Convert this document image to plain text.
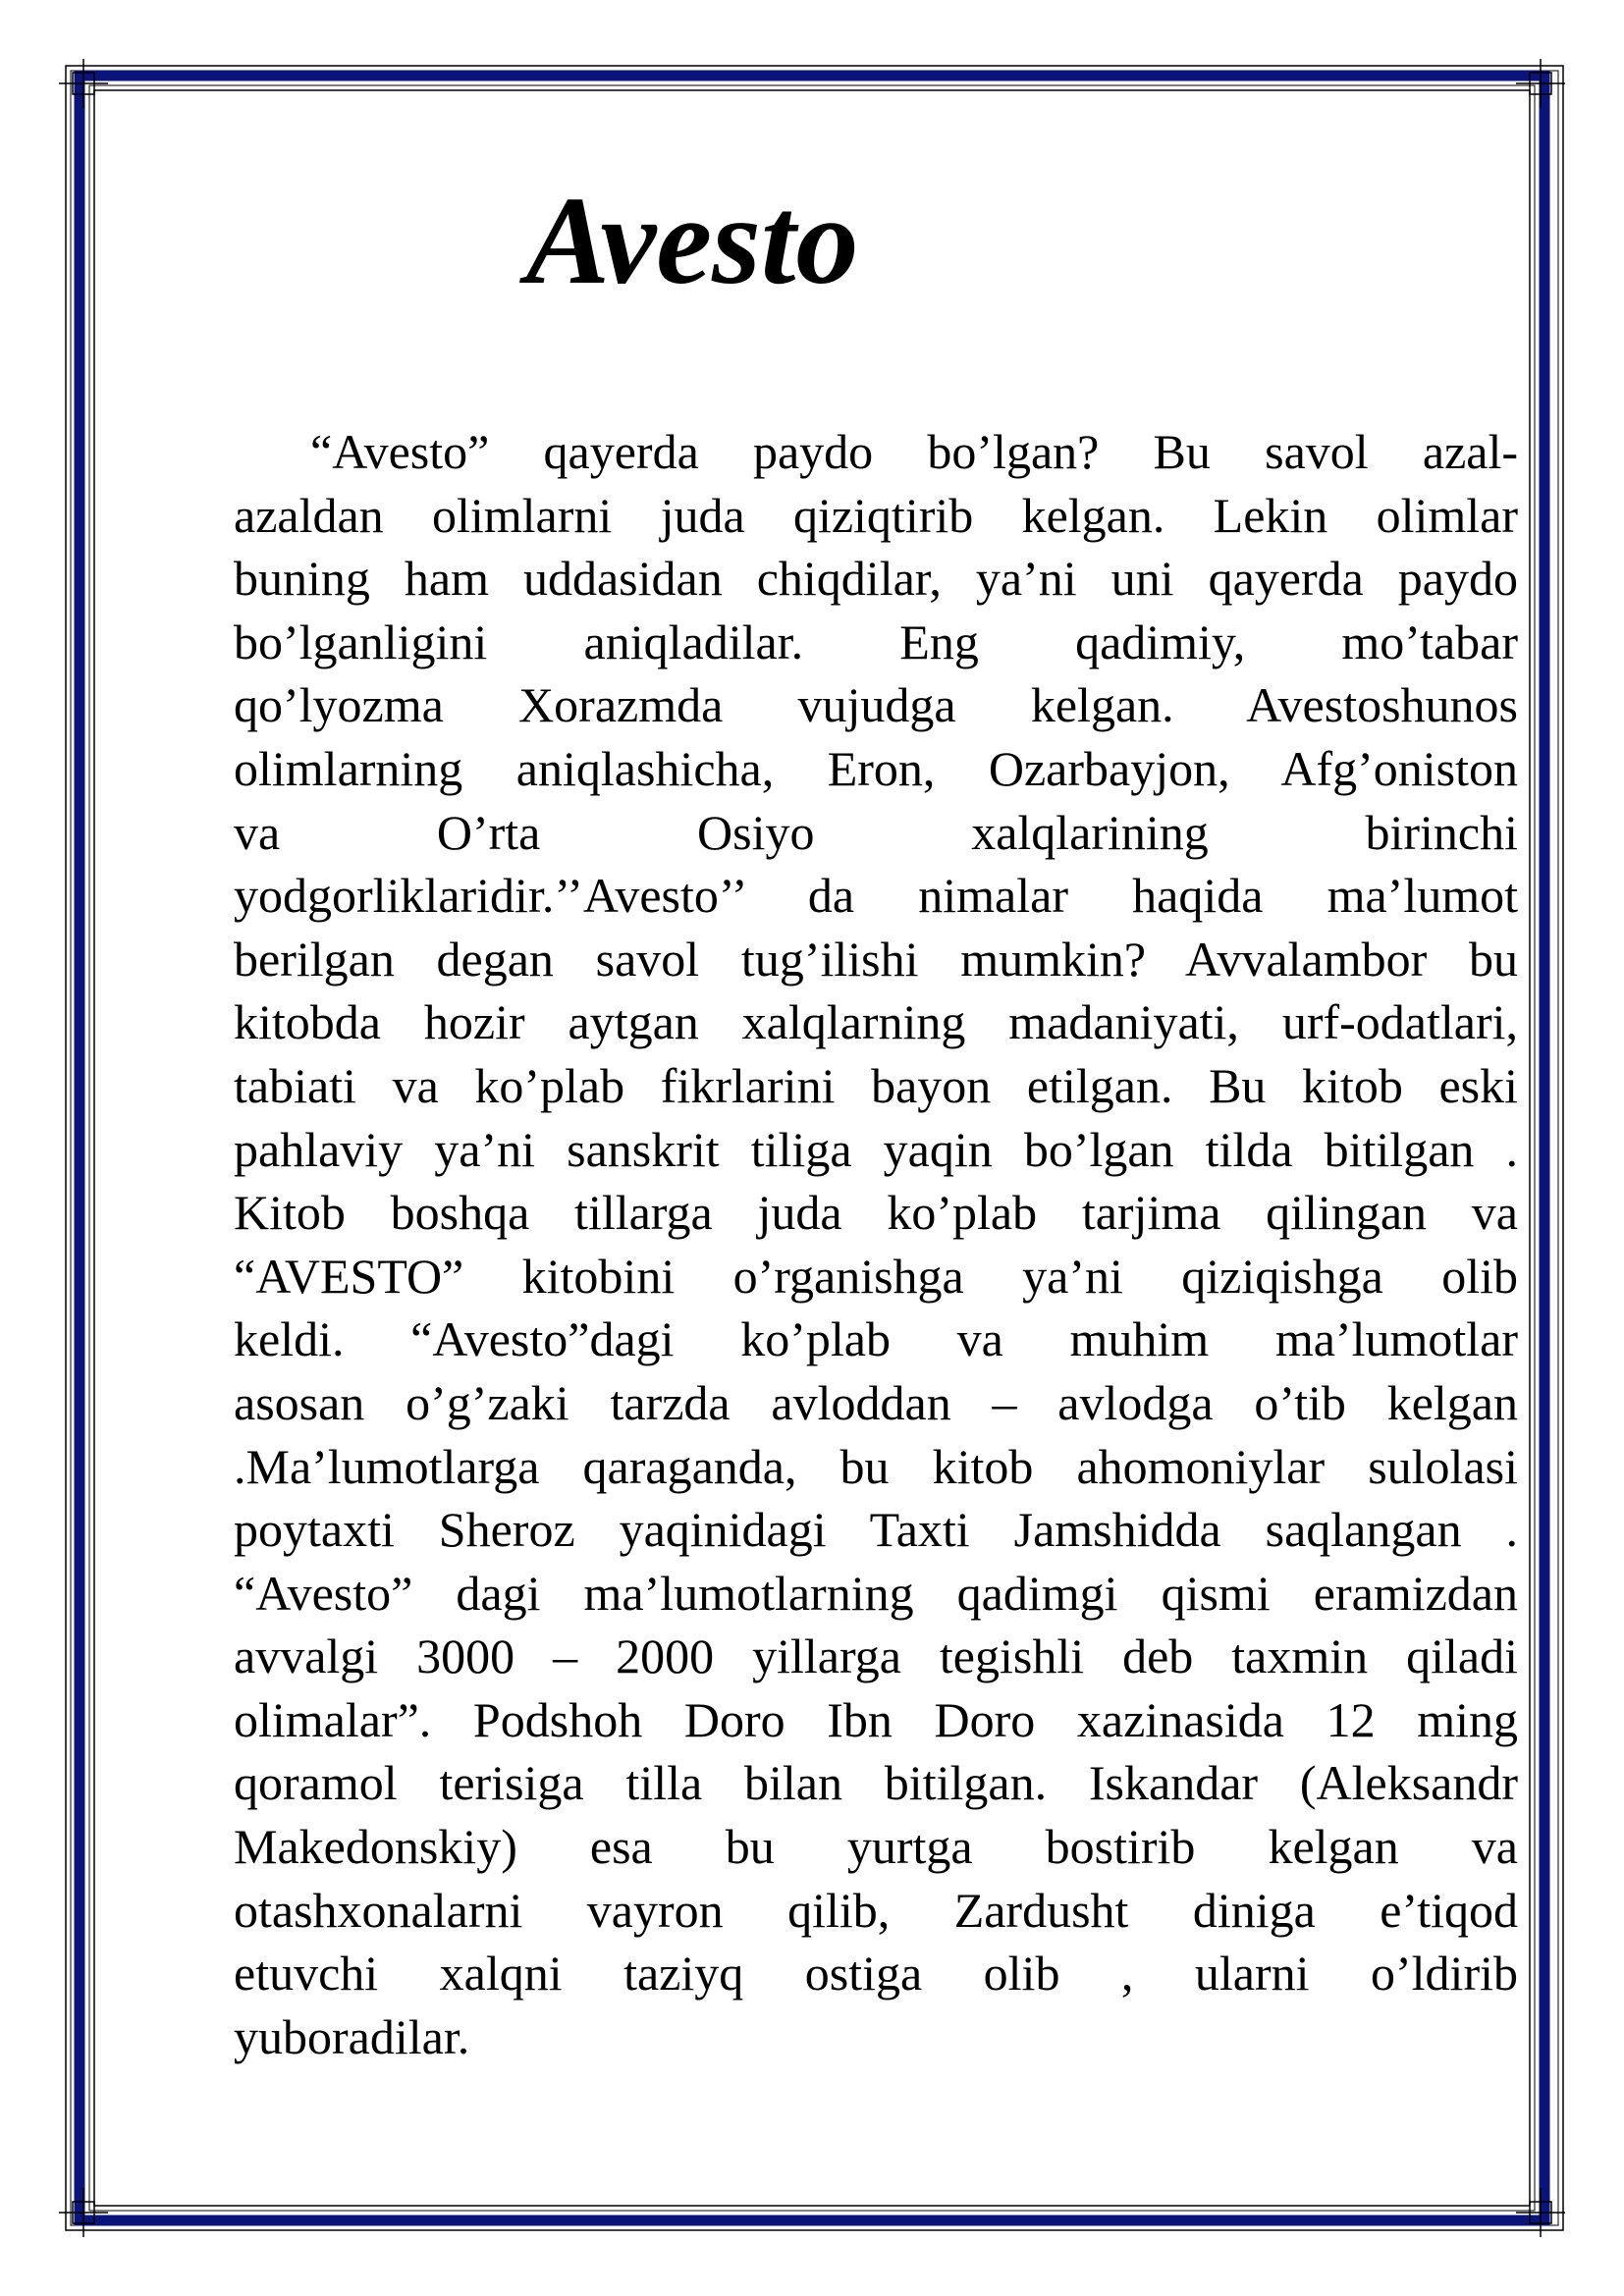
Avesto
“Avesto” qayerda paydo bo’lgan? Bu savol azal-
azaldan olimlarni juda qiziqtirib kelgan. Lekin olimlar
buning ham uddasidan chiqdilar, ya’ni uni qayerda paydo
bo’lganligini aniqladilar. Eng qadimiy, mo’tabar
qo’lyozma Xorazmda vujudga kelgan. Avestoshunos
olimlarning aniqlashicha, Eron, Ozarbayjon, Afg’oniston
va O’rta Osiyo xalqlarining birinchi
yodgorliklaridir.’’Avesto’’ da nimalar haqida ma’lumot
berilgan degan savol tug’ilishi mumkin? Avvalambor bu
kitobda hozir aytgan xalqlarning madaniyati, urf-odatlari,
tabiati va ko’plab fikrlarini bayon etilgan. Bu kitob eski
pahlaviy ya’ni sanskrit tiliga yaqin bo’lgan tilda bitilgan .
Kitob boshqa tillarga juda ko’plab tarjima qilingan va
“AVESTO” kitobini o’rganishga ya’ni qiziqishga olib
keldi. “Avesto”dagi ko’plab va muhim ma’lumotlar
asosan o’g’zaki tarzda avloddan – avlodga o’tib kelgan
.Ma’lumotlarga qaraganda, bu kitob ahomoniylar sulolasi
poytaxti Sheroz yaqinidagi Taxti Jamshidda saqlangan .
“Avesto” dagi ma’lumotlarning qadimgi qismi eramizdan
avvalgi 3000 – 2000 yillarga tegishli deb taxmin qiladi
olimalar”. Podshoh Doro Ibn Doro xazinasida 12 ming
qoramol terisiga tilla bilan bitilgan. Iskandar (Aleksandr
Makedonskiy) esa bu yurtga bostirib kelgan va
otashxonalarni vayron qilib, Zardusht diniga e’tiqod
etuvchi xalqni taziyq ostiga olib , ularni o’ldirib
yuboradilar.
